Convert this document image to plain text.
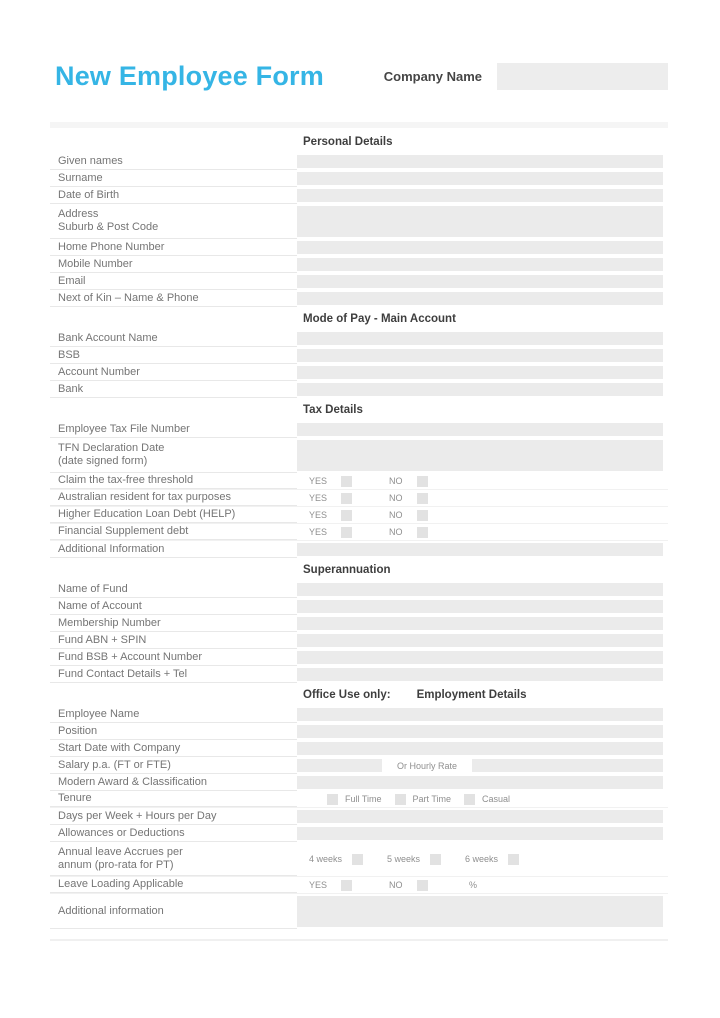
New Employee Form	Company Name
Personal Details
Given names
Surname
Date of Birth
Address
Suburb & Post Code
Home Phone Number
Mobile Number
Email
Next of Kin – Name & Phone
Mode of Pay - Main Account
Bank Account Name
BSB
Account Number
Bank
Tax Details
Employee Tax File Number
TFN Declaration Date
(date signed form)
Claim the tax-free threshold	YES	NO
Australian resident for tax purposes	YES	NO
Higher Education Loan Debt (HELP)	YES	NO
Financial Supplement debt	YES	NO
Additional Information
Superannuation
Name of Fund
Name of Account
Membership Number
Fund ABN + SPIN
Fund BSB + Account Number
Fund Contact Details + Tel
Office Use only: Employment Details
Employee Name
Position
Start Date with Company
Salary p.a. (FT or FTE)	Or Hourly Rate
Modern Award & Classification
Tenure	Full Time	Part Time	Casual
Days per Week + Hours per Day
Allowances or Deductions
Annual leave Accrues per
annum (pro-rata for PT)	4 weeks	5 weeks	6 weeks
Leave Loading Applicable	YES	NO	%
Additional information
